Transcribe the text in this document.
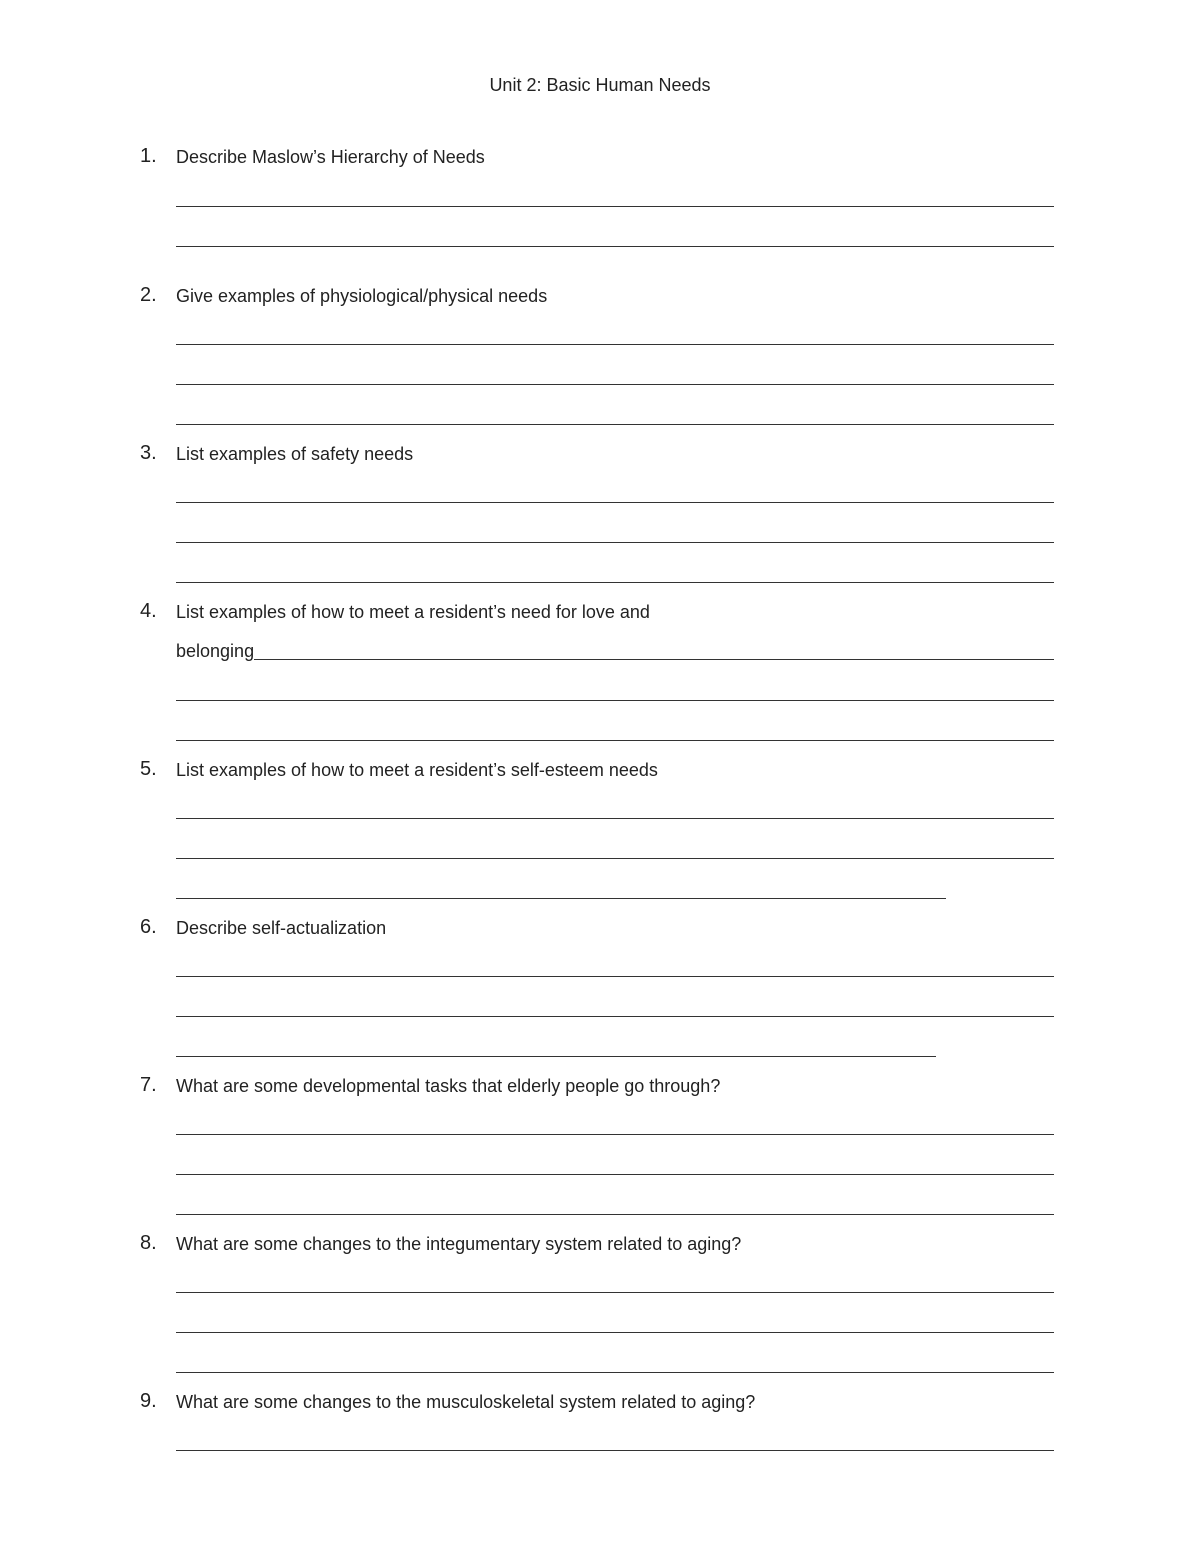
Unit 2: Basic Human Needs
1. Describe Maslow’s Hierarchy of Needs
2. Give examples of physiological/physical needs
3. List examples of safety needs
4. List examples of how to meet a resident’s need for love and
belonging
5. List examples of how to meet a resident’s self-esteem needs
6. Describe self-actualization
7. What are some developmental tasks that elderly people go through?
8. What are some changes to the integumentary system related to aging?
9. What are some changes to the musculoskeletal system related to aging?
